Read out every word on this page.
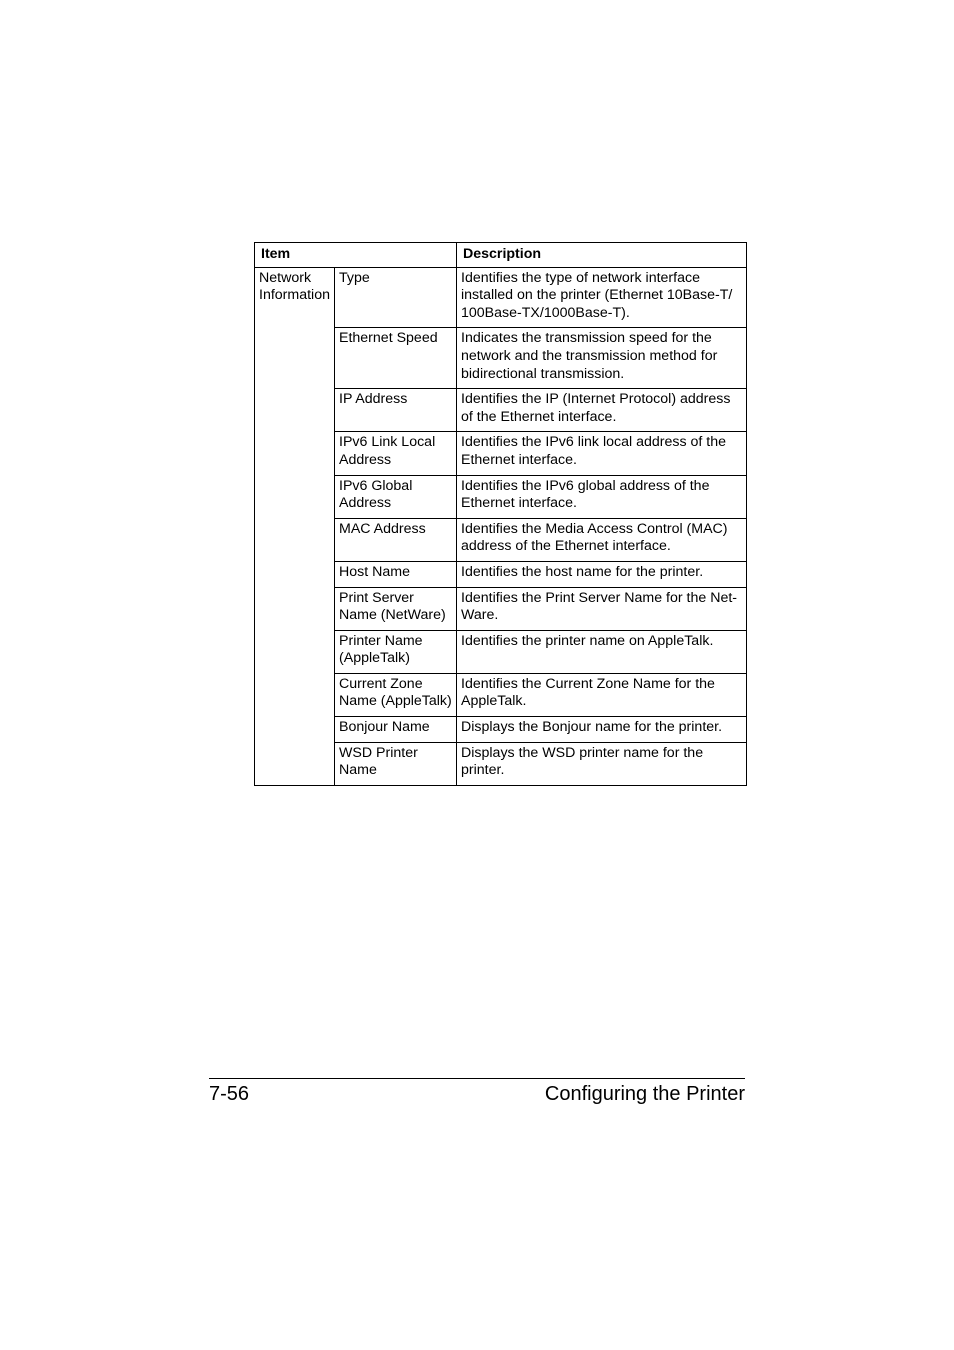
Item		Description
Network Information	Type	Identifies the type of network interface installed on the printer (Ethernet 10Base-T/ 100Base-TX/1000Base-T).
	Ethernet Speed	Indicates the transmission speed for the network and the transmission method for bidirectional transmission.
	IP Address	Identifies the IP (Internet Protocol) address of the Ethernet interface.
	IPv6 Link Local Address	Identifies the IPv6 link local address of the Ethernet interface.
	IPv6 Global Address	Identifies the IPv6 global address of the Ethernet interface.
	MAC Address	Identifies the Media Access Control (MAC) address of the Ethernet interface.
	Host Name	Identifies the host name for the printer.
	Print Server Name (NetWare)	Identifies the Print Server Name for the Net-Ware.
	Printer Name (AppleTalk)	Identifies the printer name on AppleTalk.
	Current Zone Name (AppleTalk)	Identifies the Current Zone Name for the AppleTalk.
	Bonjour Name	Displays the Bonjour name for the printer.
	WSD Printer Name	Displays the WSD printer name for the printer.
7-56	Configuring the Printer
